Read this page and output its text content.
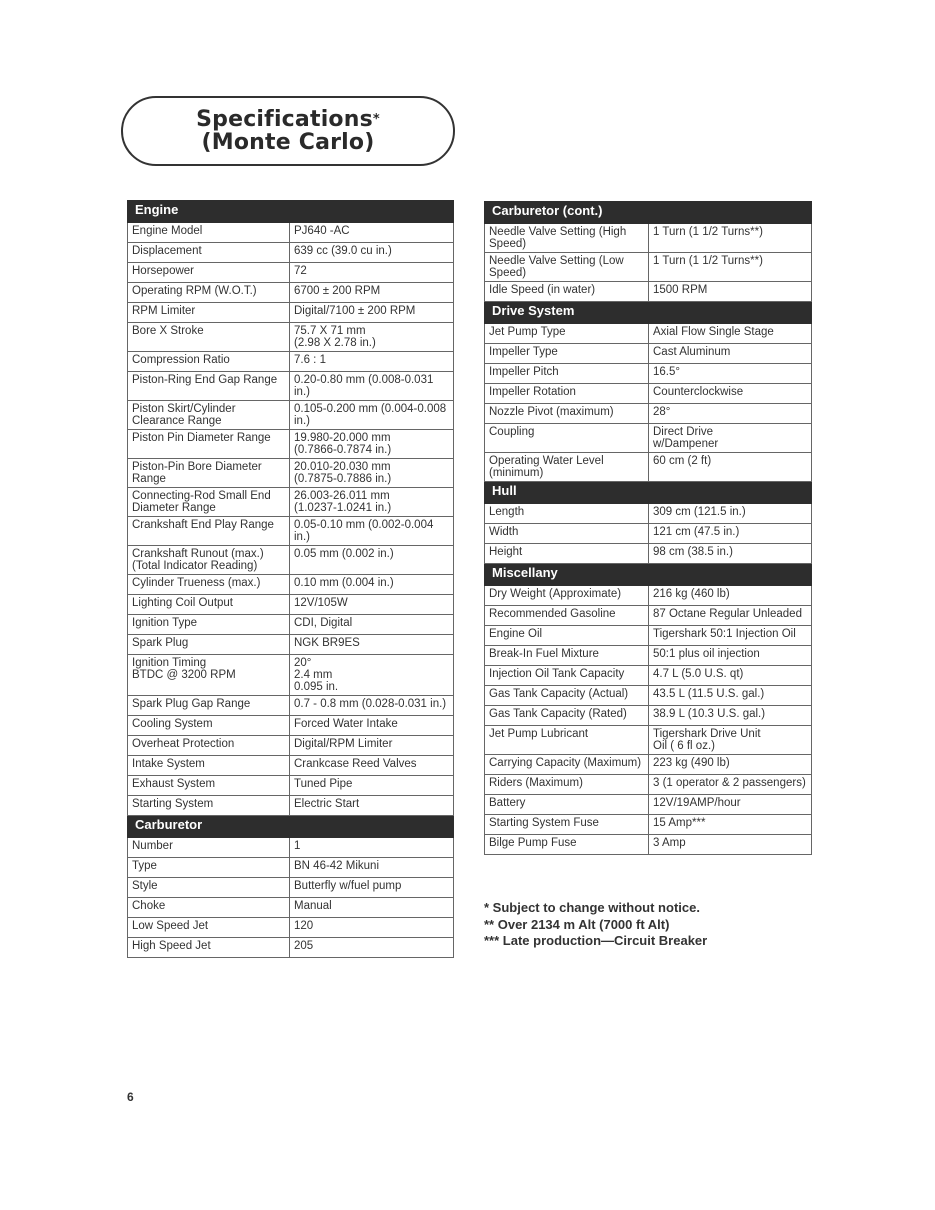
Specifications*
(Monte Carlo)
Engine	
Engine Model	PJ640 -AC
Displacement	639 cc (39.0 cu in.)
Horsepower	72
Operating RPM (W.O.T.)	6700 ± 200 RPM
RPM Limiter	Digital/7100 ± 200 RPM
Bore X Stroke	75.7 X 71 mm
(2.98 X 2.78 in.)
Compression Ratio	7.6 : 1
Piston-Ring End Gap Range	0.20-0.80 mm (0.008-0.031 in.)
Piston Skirt/Cylinder Clearance Range	0.105-0.200 mm (0.004-0.008 in.)
Piston Pin Diameter Range	19.980-20.000 mm
(0.7866-0.7874 in.)
Piston-Pin Bore Diameter Range	20.010-20.030 mm
(0.7875-0.7886 in.)
Connecting-Rod Small End Diameter Range	26.003-26.011 mm
(1.0237-1.0241 in.)
Crankshaft End Play Range	0.05-0.10 mm (0.002-0.004 in.)
Crankshaft Runout (max.)
(Total Indicator Reading)	0.05 mm (0.002 in.)
Cylinder Trueness (max.)	0.10 mm (0.004 in.)
Lighting Coil Output	12V/105W
Ignition Type	CDI, Digital
Spark Plug	NGK BR9ES
Ignition Timing
BTDC @ 3200 RPM	20°
2.4 mm
0.095 in.
Spark Plug Gap Range	0.7 - 0.8 mm (0.028-0.031 in.)
Cooling System	Forced Water Intake
Overheat Protection	Digital/RPM Limiter
Intake System	Crankcase Reed Valves
Exhaust System	Tuned Pipe
Starting System	Electric Start
Carburetor	
Number	1
Type	BN 46-42 Mikuni
Style	Butterfly w/fuel pump
Choke	Manual
Low Speed Jet	120
High Speed Jet	205
Carburetor (cont.)	
Needle Valve Setting (High Speed)	1 Turn (1 1/2 Turns**)
Needle Valve Setting (Low Speed)	1 Turn (1 1/2 Turns**)
Idle Speed (in water)	1500 RPM
Drive System	
Jet Pump Type	Axial Flow Single Stage
Impeller Type	Cast Aluminum
Impeller Pitch	16.5°
Impeller Rotation	Counterclockwise
Nozzle Pivot (maximum)	28°
Coupling	Direct Drive
w/Dampener
Operating Water Level (minimum)	60 cm (2 ft)
Hull	
Length	309 cm (121.5 in.)
Width	121 cm (47.5 in.)
Height	98 cm (38.5 in.)
Miscellany	
Dry Weight (Approximate)	216 kg (460 lb)
Recommended Gasoline	87 Octane Regular Unleaded
Engine Oil	Tigershark 50:1 Injection Oil
Break-In Fuel Mixture	50:1 plus oil injection
Injection Oil Tank Capacity	4.7 L (5.0 U.S. qt)
Gas Tank Capacity (Actual)	43.5 L (11.5 U.S. gal.)
Gas Tank Capacity (Rated)	38.9 L (10.3 U.S. gal.)
Jet Pump Lubricant	Tigershark Drive Unit
Oil ( 6 fl oz.)
Carrying Capacity (Maximum)	223 kg (490 lb)
Riders (Maximum)	3 (1 operator & 2 passengers)
Battery	12V/19AMP/hour
Starting System Fuse	15 Amp***
Bilge Pump Fuse	3 Amp
* Subject to change without notice.
** Over 2134 m Alt (7000 ft Alt)
*** Late production—Circuit Breaker
6
